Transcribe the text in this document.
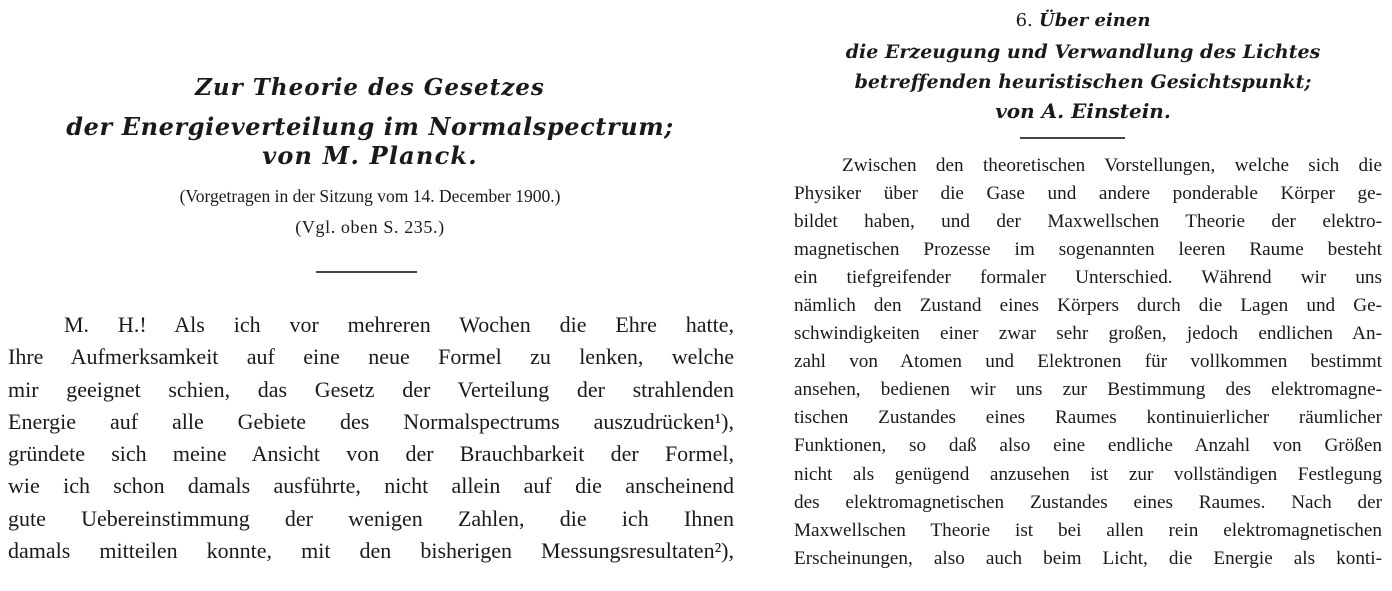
Zur Theorie des Gesetzes
der Energieverteilung im Normalspectrum;
von M. Planck.
(Vorgetragen in der Sitzung vom 14. December 1900.)
(Vgl. oben S. 235.)
M. H.! Als ich vor mehreren Wochen die Ehre hatte,
Ihre Aufmerksamkeit auf eine neue Formel zu lenken, welche
mir geeignet schien, das Gesetz der Verteilung der strahlenden
Energie auf alle Gebiete des Normalspectrums auszudrücken¹),
gründete sich meine Ansicht von der Brauchbarkeit der Formel,
wie ich schon damals ausführte, nicht allein auf die anscheinend
gute Uebereinstimmung der wenigen Zahlen, die ich Ihnen
damals mitteilen konnte, mit den bisherigen Messungsresultaten²),
6. Über einen
die Erzeugung und Verwandlung des Lichtes
betreffenden heuristischen Gesichtspunkt;
von A. Einstein.
Zwischen den theoretischen Vorstellungen, welche sich die
Physiker über die Gase und andere ponderable Körper ge-
bildet haben, und der Maxwellschen Theorie der elektro-
magnetischen Prozesse im sogenannten leeren Raume besteht
ein tiefgreifender formaler Unterschied. Während wir uns
nämlich den Zustand eines Körpers durch die Lagen und Ge-
schwindigkeiten einer zwar sehr großen, jedoch endlichen An-
zahl von Atomen und Elektronen für vollkommen bestimmt
ansehen, bedienen wir uns zur Bestimmung des elektromagne-
tischen Zustandes eines Raumes kontinuierlicher räumlicher
Funktionen, so daß also eine endliche Anzahl von Größen
nicht als genügend anzusehen ist zur vollständigen Festlegung
des elektromagnetischen Zustandes eines Raumes. Nach der
Maxwellschen Theorie ist bei allen rein elektromagnetischen
Erscheinungen, also auch beim Licht, die Energie als konti-
